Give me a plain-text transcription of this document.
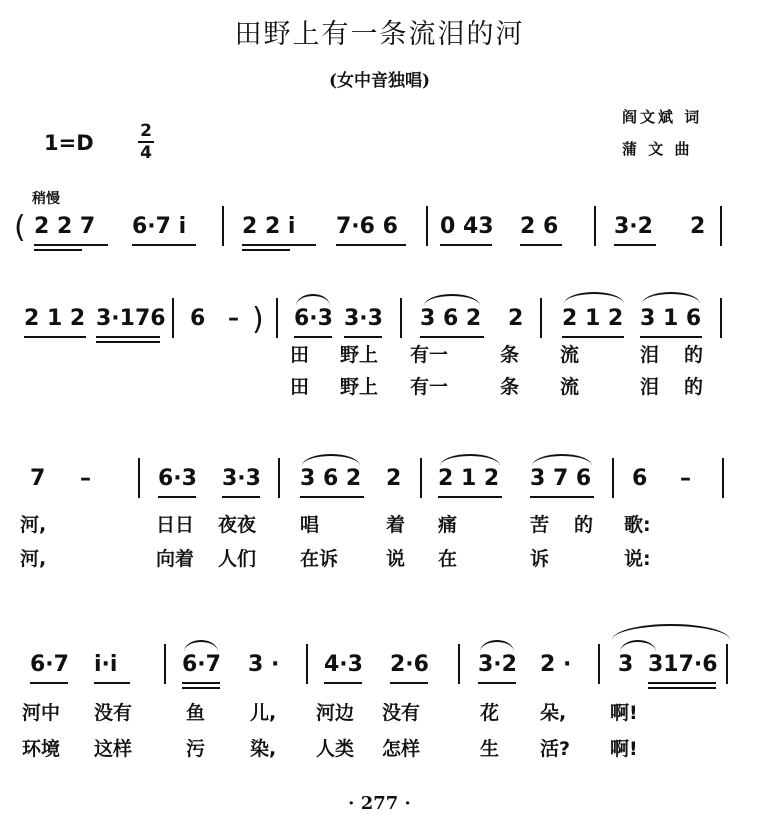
田野上有一条流泪的河
(女中音独唱)
阎文斌 词
蒲 文 曲
1=D	2
4
稍慢
( 2 2 7 6·7 i	2 2 i 7·6 6 0 43 2 6	3·2 2
2 1 2 3·176 6 – ) 6·3 3·3 3 6 2 2 2 1 2 3 1 6
田 野上 有一	条 流	泪 的
田 野上 有一	条 流	泪 的
7 –	6·3 3·3 3 6 2 2 2 1 2 3 7 6 6 –
河,	日日 夜夜 唱	着 痛	苦 的 歌:
河,	向着 人们 在诉	说 在	诉	说:
6·7 i·i	6·7 3 · 4·3 2·6 3·2 2 · 3 317·6
河中 没有	鱼 儿, 河边 没有	花 朵, 啊!
环境 这样	污 染, 人类 怎样	生 活? 啊!
· 277 ·
